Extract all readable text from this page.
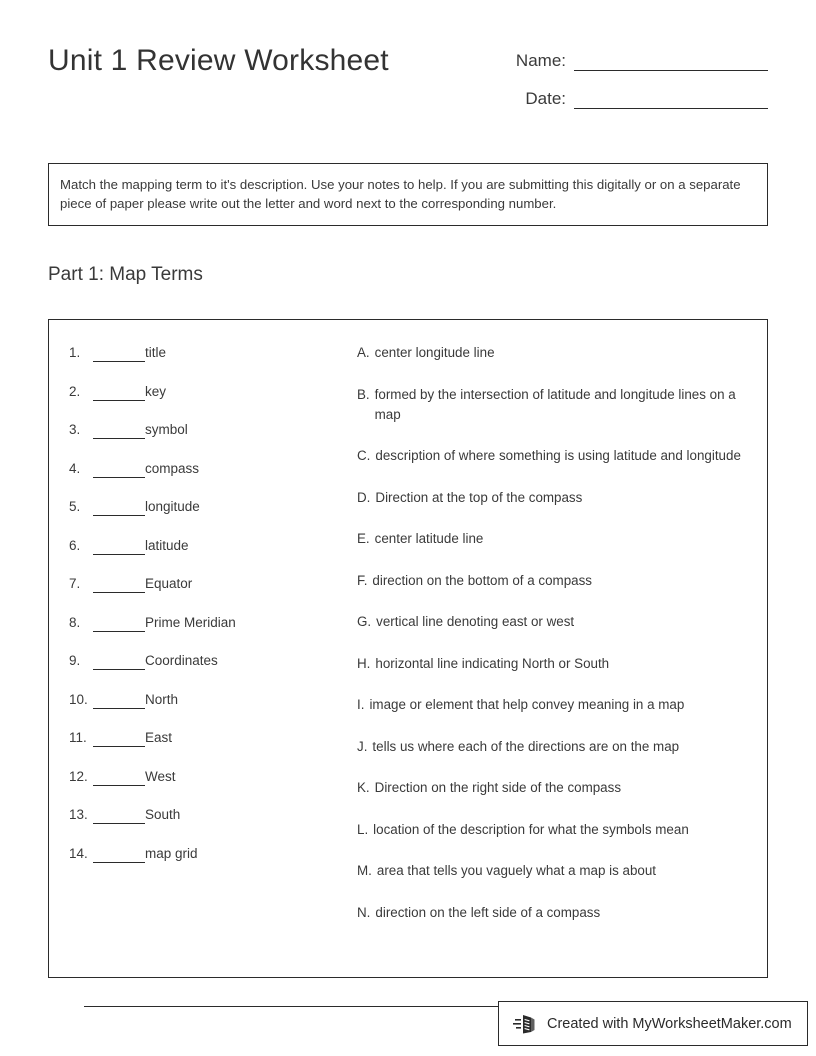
Unit 1 Review Worksheet	Name:
Date:
Match the mapping term to it's description. Use your notes to help. If you are submitting this digitally or on a separate piece of paper please write out the letter and word next to the corresponding number.
Part 1: Map Terms
1.	title
2.	key
3.	symbol
4.	compass
5.	longitude
6.	latitude
7.	Equator
8.	Prime Meridian
9.	Coordinates
10.	North
11.	East
12.	West
13.	South
14.	map grid
A. center longitude line
B. formed by the intersection of latitude and longitude lines on a map
C. description of where something is using latitude and longitude
D. Direction at the top of the compass
E. center latitude line
F. direction on the bottom of a compass
G. vertical line denoting east or west
H. horizontal line indicating North or South
I. image or element that help convey meaning in a map
J. tells us where each of the directions are on the map
K. Direction on the right side of the compass
L. location of the description for what the symbols mean
M. area that tells you vaguely what a map is about
N. direction on the left side of a compass
Created with MyWorksheetMaker.com
